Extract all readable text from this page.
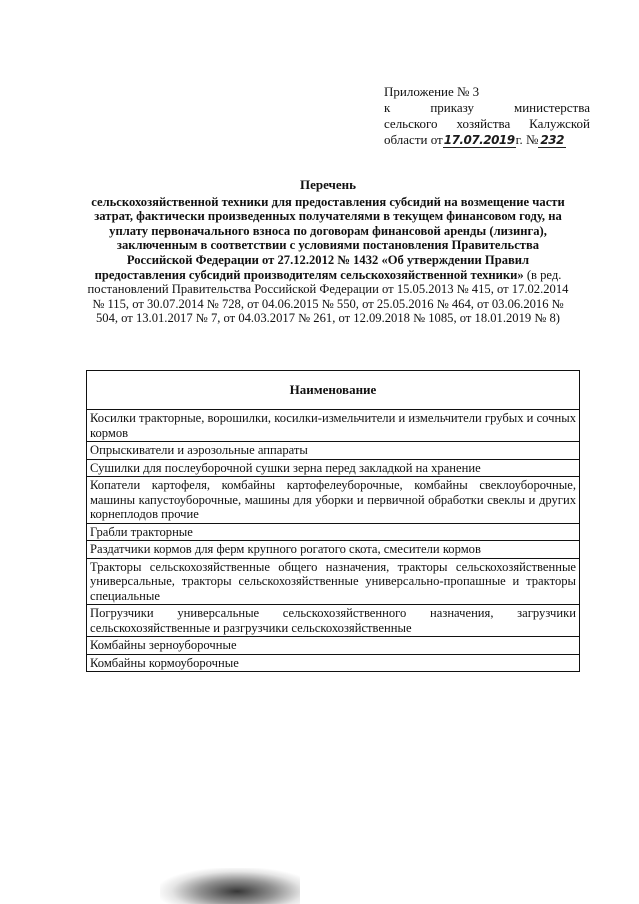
Приложение № 3
к	приказу	министерства
сельского хозяйства Калужской
области от17.07.2019г. № 232
Перечень
сельскохозяйственной техники для предоставления субсидий на возмещение части затрат, фактически произведенных получателями в текущем финансовом году, на уплату первоначального взноса по договорам финансовой аренды (лизинга), заключенным в соответствии с условиями постановления Правительства Российской Федерации от 27.12.2012 № 1432 «Об утверждении Правил предоставления субсидий производителям сельскохозяйственной техники» (в ред. постановлений Правительства Российской Федерации от 15.05.2013 № 415, от 17.02.2014 № 115, от 30.07.2014 № 728, от 04.06.2015 № 550, от 25.05.2016 № 464, от 03.06.2016 № 504, от 13.01.2017 № 7, от 04.03.2017 № 261, от 12.09.2018 № 1085, от 18.01.2019 № 8)
Наименование
Косилки тракторные, ворошилки, косилки-измельчители и измельчители грубых и сочных кормов
Опрыскиватели и аэрозольные аппараты
Сушилки для послеуборочной сушки зерна перед закладкой на хранение
Копатели картофеля, комбайны картофелеуборочные, комбайны свеклоуборочные, машины капустоуборочные, машины для уборки и первичной обработки свеклы и других корнеплодов прочие
Грабли тракторные
Раздатчики кормов для ферм крупного рогатого скота, смесители кормов
Тракторы сельскохозяйственные общего назначения, тракторы сельскохозяйственные универсальные, тракторы сельскохозяйственные универсально-пропашные и тракторы специальные
Погрузчики универсальные сельскохозяйственного назначения, загрузчики сельскохозяйственные и разгрузчики сельскохозяйственные
Комбайны зерноуборочные
Комбайны кормоуборочные
